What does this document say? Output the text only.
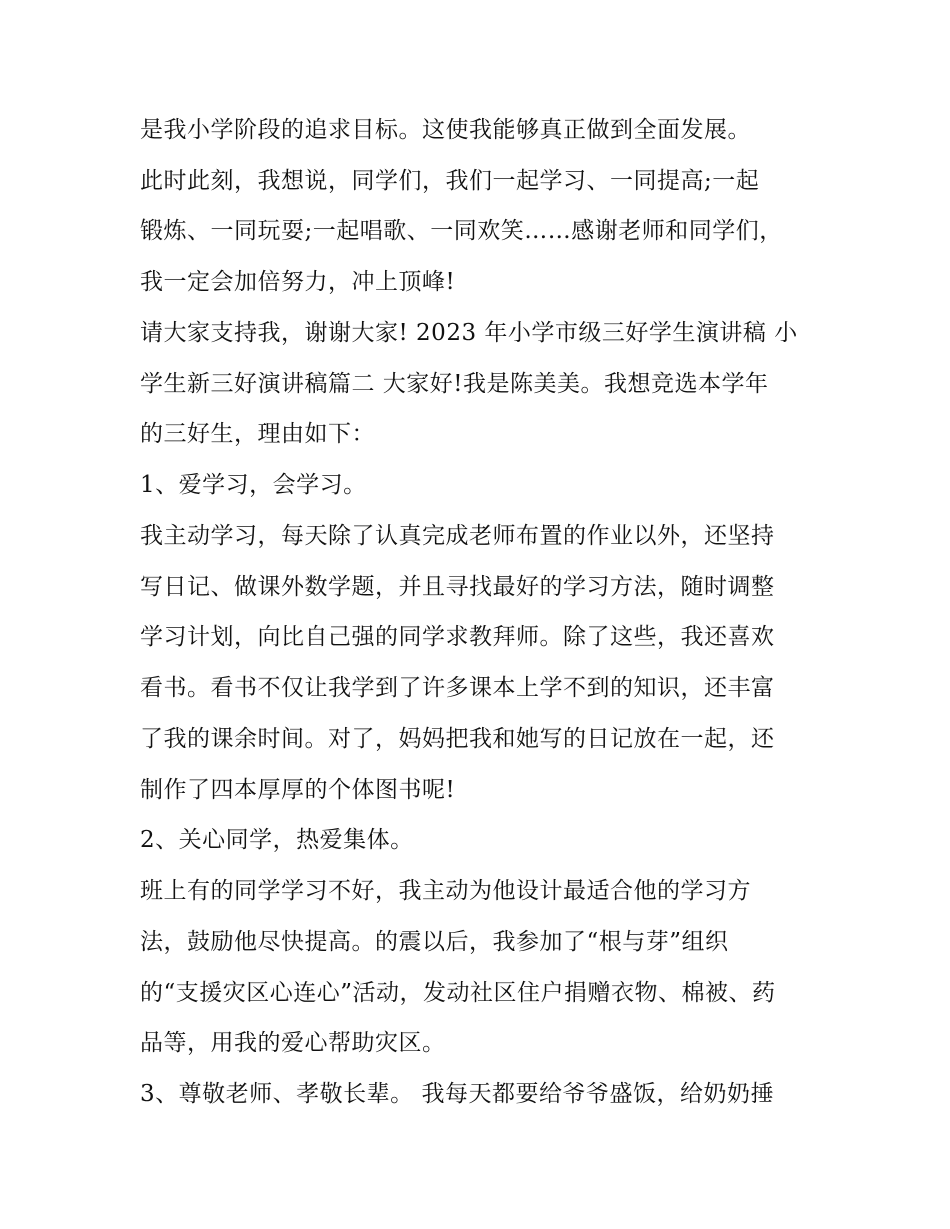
是我小学阶段的追求目标。这使我能够真正做到全面发展。
此时此刻，我想说，同学们，我们一起学习、一同提高;一起
锻炼、一同玩耍;一起唱歌、一同欢笑……感谢老师和同学们，
我一定会加倍努力，冲上顶峰!
请大家支持我，谢谢大家! 2023 年小学市级三好学生演讲稿 小
学生新三好演讲稿篇二 大家好!我是陈美美。我想竞选本学年
的三好生，理由如下：
1、爱学习，会学习。
我主动学习，每天除了认真完成老师布置的作业以外，还坚持
写日记、做课外数学题，并且寻找最好的学习方法，随时调整
学习计划，向比自己强的同学求教拜师。除了这些，我还喜欢
看书。看书不仅让我学到了许多课本上学不到的知识，还丰富
了我的课余时间。对了，妈妈把我和她写的日记放在一起，还
制作了四本厚厚的个体图书呢!
2、关心同学，热爱集体。
班上有的同学学习不好，我主动为他设计最适合他的学习方
法，鼓励他尽快提高。的震以后，我参加了“根与芽”组织
的“支援灾区心连心”活动，发动社区住户捐赠衣物、棉被、药
品等，用我的爱心帮助灾区。
3、尊敬老师、孝敬长辈。 我每天都要给爷爷盛饭，给奶奶捶
